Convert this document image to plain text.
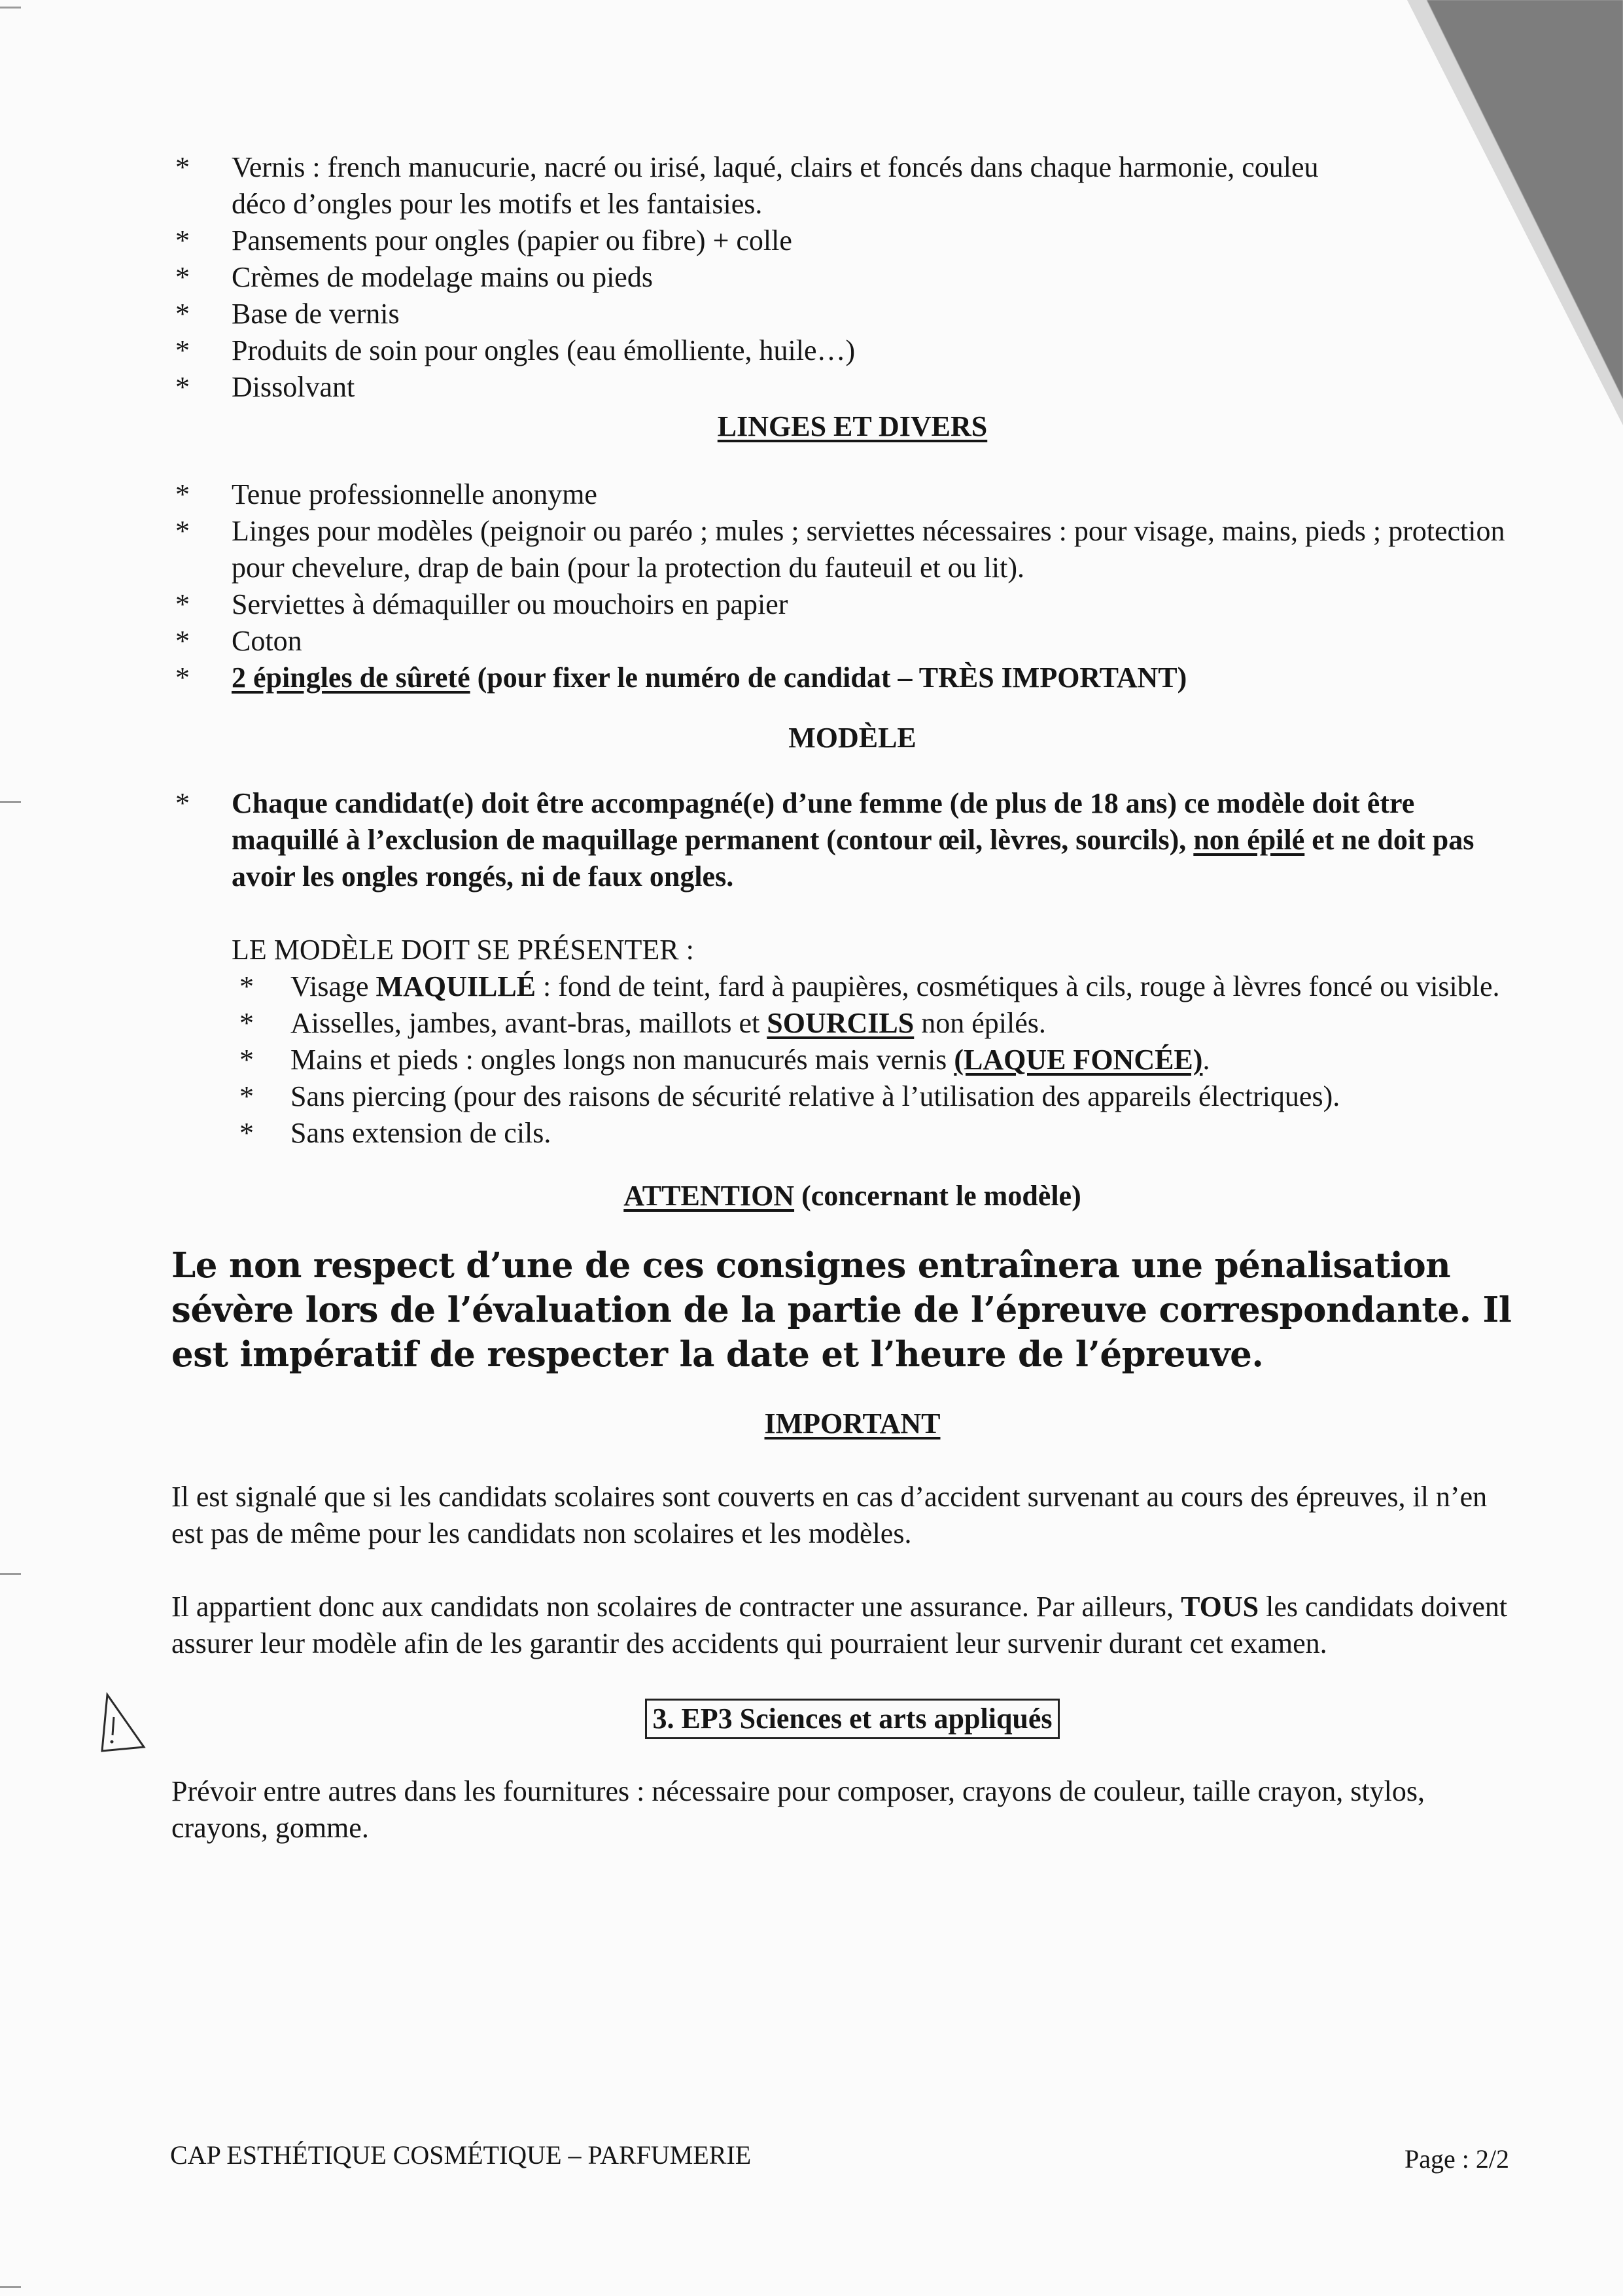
* Vernis : french manucurie, nacré ou irisé, laqué, clairs et foncés dans chaque harmonie, couleu
déco d’ongles pour les motifs et les fantaisies.
* Pansements pour ongles (papier ou fibre) + colle
* Crèmes de modelage mains ou pieds
* Base de vernis
* Produits de soin pour ongles (eau émolliente, huile…)
* Dissolvant
LINGES ET DIVERS
* Tenue professionnelle anonyme
* Linges pour modèles (peignoir ou paréo ; mules ; serviettes nécessaires : pour visage, mains, pieds ; protection pour chevelure, drap de bain (pour la protection du fauteuil et ou lit).
* Serviettes à démaquiller ou mouchoirs en papier
* Coton
* 2 épingles de sûreté (pour fixer le numéro de candidat – TRÈS IMPORTANT)
MODÈLE
* Chaque candidat(e) doit être accompagné(e) d’une femme (de plus de 18 ans) ce modèle doit être maquillé à l’exclusion de maquillage permanent (contour œil, lèvres, sourcils), non épilé et ne doit pas avoir les ongles rongés, ni de faux ongles.
LE MODÈLE DOIT SE PRÉSENTER :
* Visage MAQUILLÉ : fond de teint, fard à paupières, cosmétiques à cils, rouge à lèvres foncé ou visible.
* Aisselles, jambes, avant-bras, maillots et SOURCILS non épilés.
* Mains et pieds : ongles longs non manucurés mais vernis (LAQUE FONCÉE).
* Sans piercing (pour des raisons de sécurité relative à l’utilisation des appareils électriques).
* Sans extension de cils.
ATTENTION (concernant le modèle)
Le non respect d’une de ces consignes entraînera une pénalisation sévère lors de l’évaluation de la partie de l’épreuve correspondante. Il est impératif de respecter la date et l’heure de l’épreuve.
IMPORTANT
Il est signalé que si les candidats scolaires sont couverts en cas d’accident survenant au cours des épreuves, il n’en est pas de même pour les candidats non scolaires et les modèles.
Il appartient donc aux candidats non scolaires de contracter une assurance. Par ailleurs, TOUS les candidats doivent assurer leur modèle afin de les garantir des accidents qui pourraient leur survenir durant cet examen.
3. EP3 Sciences et arts appliqués
Prévoir entre autres dans les fournitures : nécessaire pour composer, crayons de couleur, taille crayon, stylos, crayons, gomme.
CAP ESTHÉTIQUE COSMÉTIQUE – PARFUMERIE	Page : 2/2
